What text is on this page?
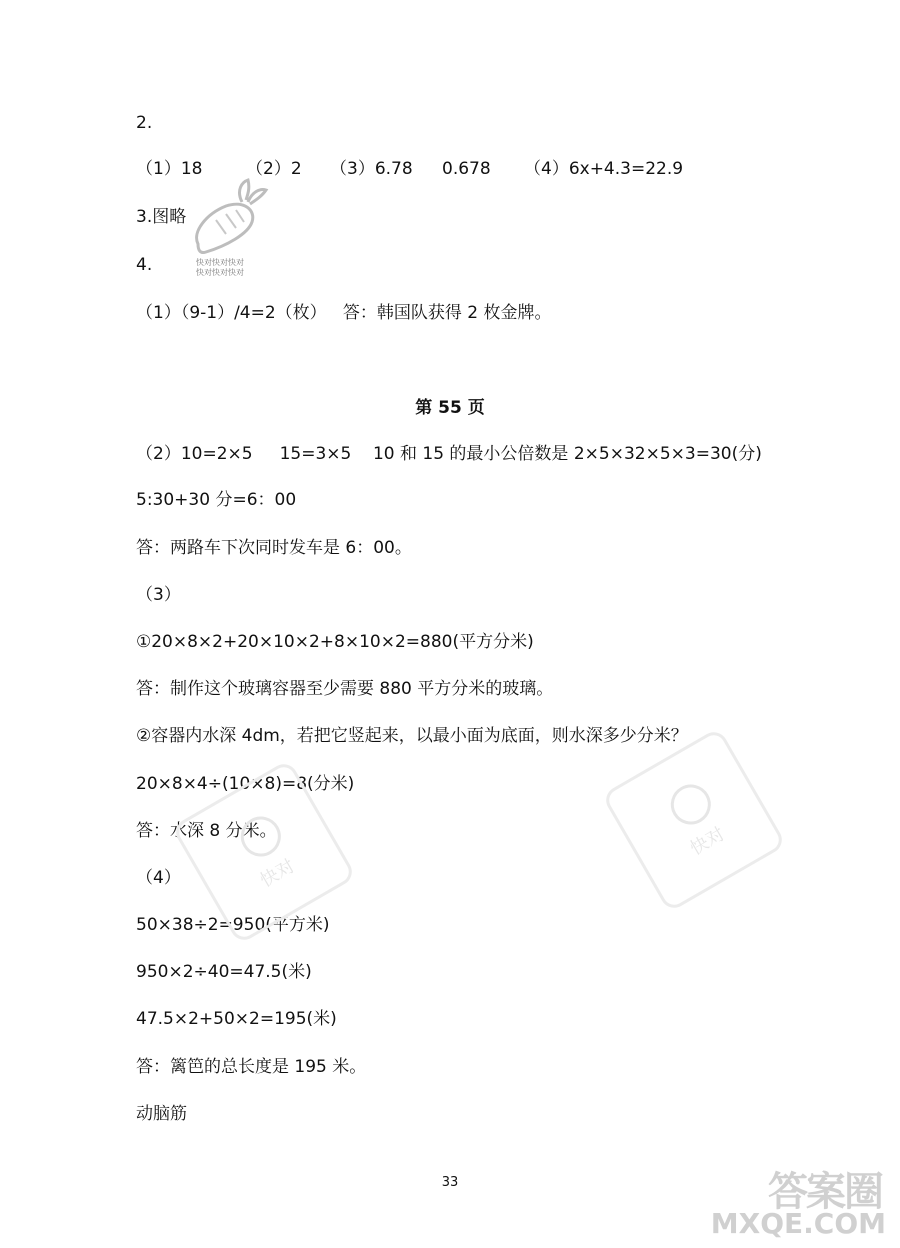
2.
（1）18	（2）2 （3）6.78 0.678 （4）6x+4.3=22.9
3.图略
快对快对快对
快对快对快对
4.
（1）（9-1）/4=2（枚）   答：韩国队获得 2 枚金牌。
第 55 页
（2）10=2×5     15=3×5    10 和 15 的最小公倍数是 2×5×32×5×3=30(分)
5:30+30 分=6：00
答：两路车下次同时发车是 6：00。
（3）
①20×8×2+20×10×2+8×10×2=880(平方分米)
答：制作这个玻璃容器至少需要 880 平方分米的玻璃。
②容器内水深 4dm，若把它竖起来，以最小面为底面，则水深多少分米？
20×8×4÷(10×8)=8(分米)
答：水深 8 分米。
（4）
50×38÷2=950(平方米)
950×2÷40=47.5(米)
47.5×2+50×2=195(米)
答：篱笆的总长度是 195 米。
动脑筋
快对
快对
33	答案圈
MXQE.COM
